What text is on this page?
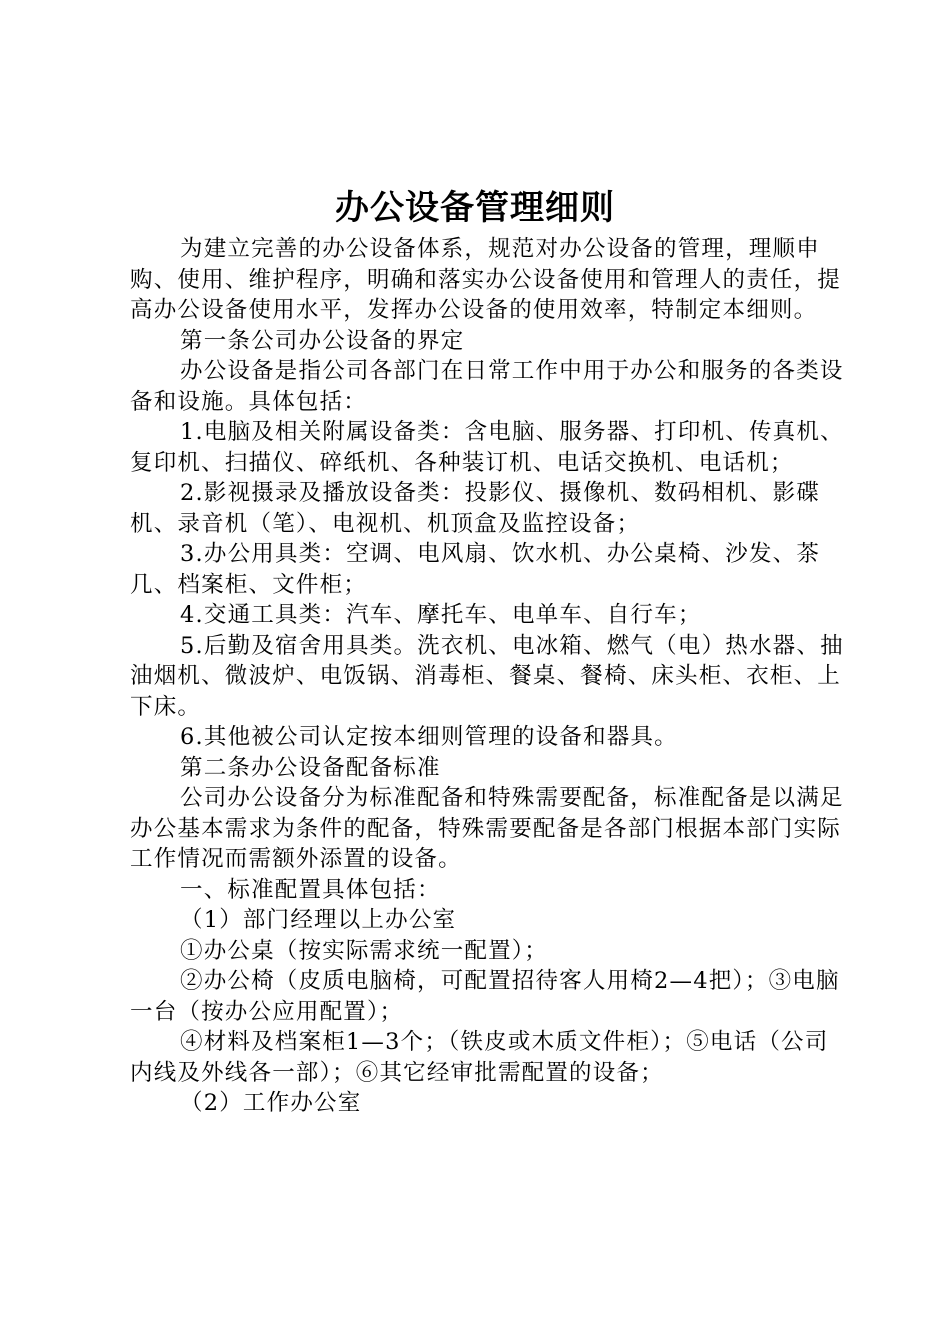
办公设备管理细则

为建立完善的办公设备体系，规范对办公设备的管理，理顺申购、使用、维护程序，明确和落实办公设备使用和管理人的责任，提高办公设备使用水平，发挥办公设备的使用效率，特制定本细则。

第一条公司办公设备的界定

办公设备是指公司各部门在日常工作中用于办公和服务的各类设备和设施。具体包括：

1.电脑及相关附属设备类：含电脑、服务器、打印机、传真机、复印机、扫描仪、碎纸机、各种装订机、电话交换机、电话机；

2.影视摄录及播放设备类：投影仪、摄像机、数码相机、影碟机、录音机（笔）、电视机、机顶盒及监控设备；

3.办公用具类：空调、电风扇、饮水机、办公桌椅、沙发、茶几、档案柜、文件柜；

4.交通工具类：汽车、摩托车、电单车、自行车；

5.后勤及宿舍用具类。洗衣机、电冰箱、燃气（电）热水器、抽油烟机、微波炉、电饭锅、消毒柜、餐桌、餐椅、床头柜、衣柜、上下床。

6.其他被公司认定按本细则管理的设备和器具。

第二条办公设备配备标准

公司办公设备分为标准配备和特殊需要配备，标准配备是以满足办公基本需求为条件的配备，特殊需要配备是各部门根据本部门实际工作情况而需额外添置的设备。

一、标准配置具体包括：

（1）部门经理以上办公室

①办公桌（按实际需求统一配置）；

②办公椅（皮质电脑椅，可配置招待客人用椅2—4把）；③电脑一台（按办公应用配置）；

④材料及档案柜1—3个；（铁皮或木质文件柜）；⑤电话（公司内线及外线各一部）；⑥其它经审批需配置的设备；

（2）工作办公室
